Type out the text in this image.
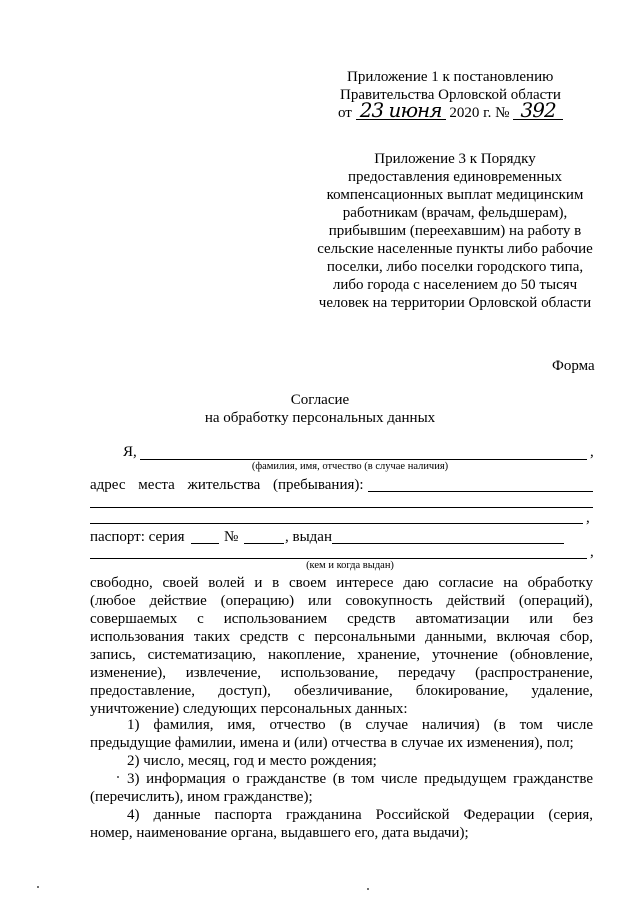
Приложение 1 к постановлению
Правительства Орловской области
от 23 июня 2020 г. № 392
Приложение 3 к Порядку
предоставления единовременных
компенсационных выплат медицинским
работникам (врачам, фельдшерам),
прибывшим (переехавшим) на работу в
сельские населенные пункты либо рабочие
поселки, либо поселки городского типа,
либо города с населением до 50 тысяч
человек на территории Орловской области
Форма
Согласие
на обработку персональных данных
Я,	,
(фамилия, имя, отчество (в случае наличия)
адрес места жительства (пребывания):
,
паспорт: серия	№	, выдан
,
(кем и когда выдан)
свободно, своей волей и в своем интересе даю согласие на обработку
(любое действие (операцию) или совокупность действий (операций),
совершаемых с использованием средств автоматизации или без
использования таких средств с персональными данными, включая сбор,
запись, систематизацию, накопление, хранение, уточнение (обновление,
изменение), извлечение, использование, передачу (распространение,
предоставление, доступ), обезличивание, блокирование, удаление,
уничтожение) следующих персональных данных:
1) фамилия, имя, отчество (в случае наличия) (в том числе
предыдущие фамилии, имена и (или) отчества в случае их изменения), пол;
2) число, месяц, год и место рождения;
3) информация о гражданстве (в том числе предыдущем гражданстве
(перечислить), ином гражданстве);
4) данные паспорта гражданина Российской Федерации (серия,
номер, наименование органа, выдавшего его, дата выдачи);
